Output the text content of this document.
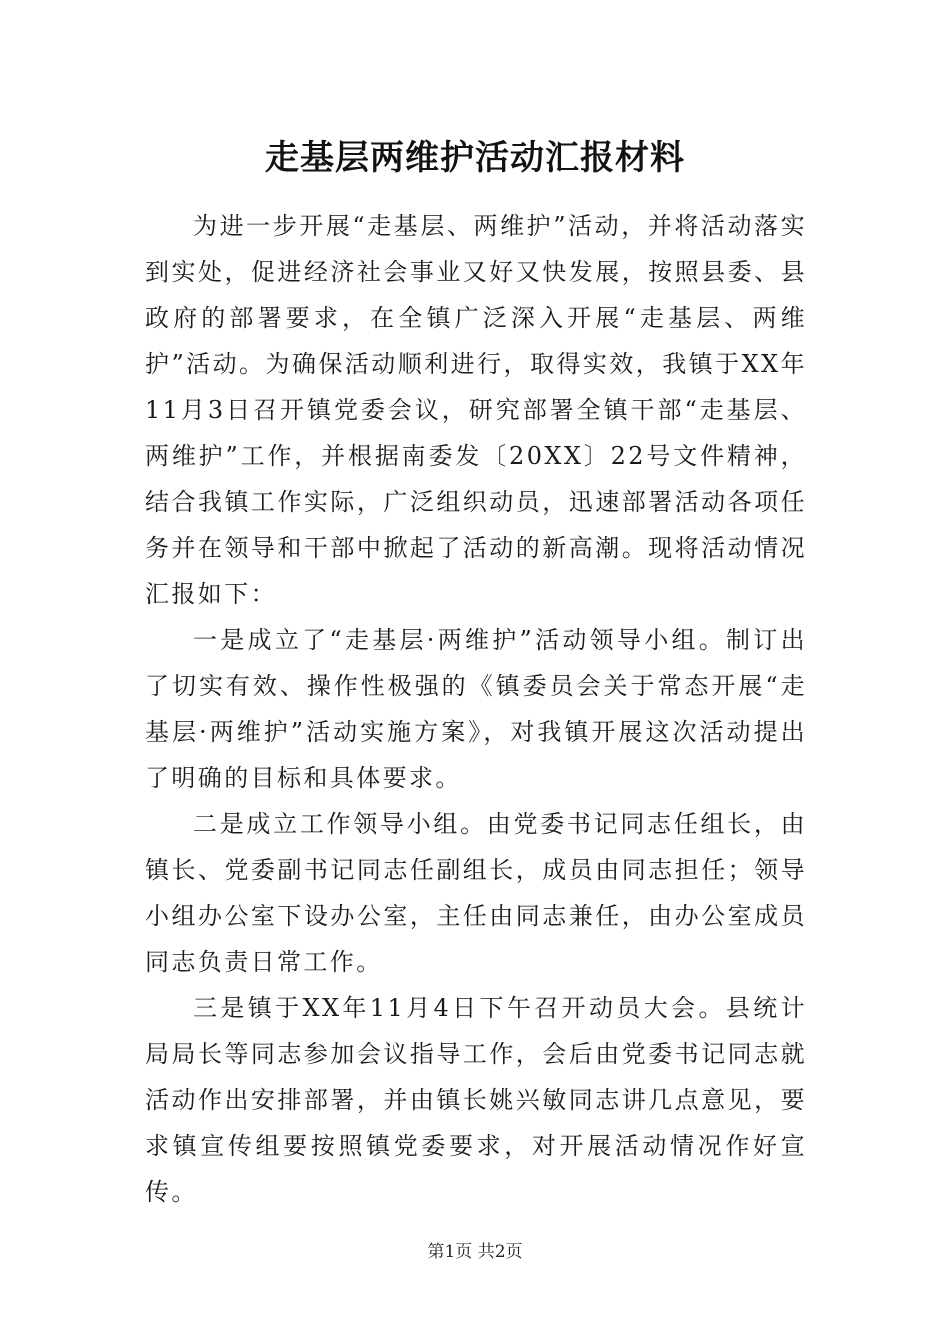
走基层两维护活动汇报材料

为进一步开展“走基层、两维护”活动，并将活动落实到实处，促进经济社会事业又好又快发展，按照县委、县政府的部署要求，在全镇广泛深入开展“走基层、两维护”活动。为确保活动顺利进行，取得实效，我镇于XX年11月3日召开镇党委会议，研究部署全镇干部“走基层、两维护”工作，并根据南委发〔20XX〕22号文件精神，结合我镇工作实际，广泛组织动员，迅速部署活动各项任务并在领导和干部中掀起了活动的新高潮。现将活动情况汇报如下：

一是成立了“走基层·两维护”活动领导小组。制订出了切实有效、操作性极强的《镇委员会关于常态开展“走基层·两维护”活动实施方案》，对我镇开展这次活动提出了明确的目标和具体要求。

二是成立工作领导小组。由党委书记同志任组长，由镇长、党委副书记同志任副组长，成员由同志担任；领导小组办公室下设办公室，主任由同志兼任，由办公室成员同志负责日常工作。

三是镇于XX年11月4日下午召开动员大会。县统计局局长等同志参加会议指导工作，会后由党委书记同志就活动作出安排部署，并由镇长姚兴敏同志讲几点意见，要求镇宣传组要按照镇党委要求，对开展活动情况作好宣传。

第1页 共2页
